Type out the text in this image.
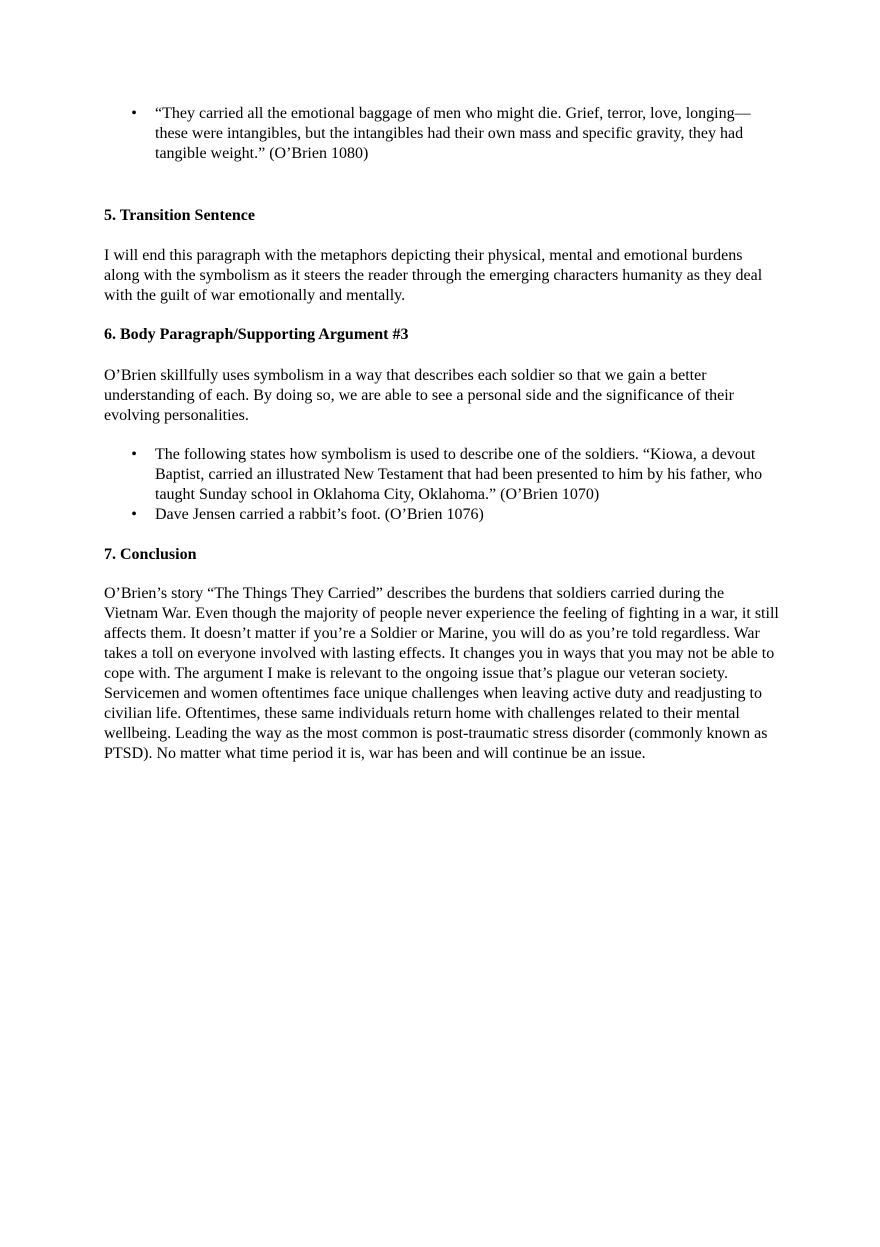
• “They carried all the emotional baggage of men who might die. Grief, terror, love, longing—these were intangibles, but the intangibles had their own mass and specific gravity, they had tangible weight.” (O’Brien 1080)

5. Transition Sentence

I will end this paragraph with the metaphors depicting their physical, mental and emotional burdens along with the symbolism as it steers the reader through the emerging characters humanity as they deal with the guilt of war emotionally and mentally.

6. Body Paragraph/Supporting Argument #3

O’Brien skillfully uses symbolism in a way that describes each soldier so that we gain a better understanding of each. By doing so, we are able to see a personal side and the significance of their evolving personalities.

• The following states how symbolism is used to describe one of the soldiers. “Kiowa, a devout Baptist, carried an illustrated New Testament that had been presented to him by his father, who taught Sunday school in Oklahoma City, Oklahoma.” (O’Brien 1070)
• Dave Jensen carried a rabbit’s foot. (O’Brien 1076)

7. Conclusion

O’Brien’s story “The Things They Carried” describes the burdens that soldiers carried during the Vietnam War. Even though the majority of people never experience the feeling of fighting in a war, it still affects them. It doesn’t matter if you’re a Soldier or Marine, you will do as you’re told regardless. War takes a toll on everyone involved with lasting effects. It changes you in ways that you may not be able to cope with. The argument I make is relevant to the ongoing issue that’s plague our veteran society. Servicemen and women oftentimes face unique challenges when leaving active duty and readjusting to civilian life. Oftentimes, these same individuals return home with challenges related to their mental wellbeing. Leading the way as the most common is post-traumatic stress disorder (commonly known as PTSD). No matter what time period it is, war has been and will continue be an issue.
